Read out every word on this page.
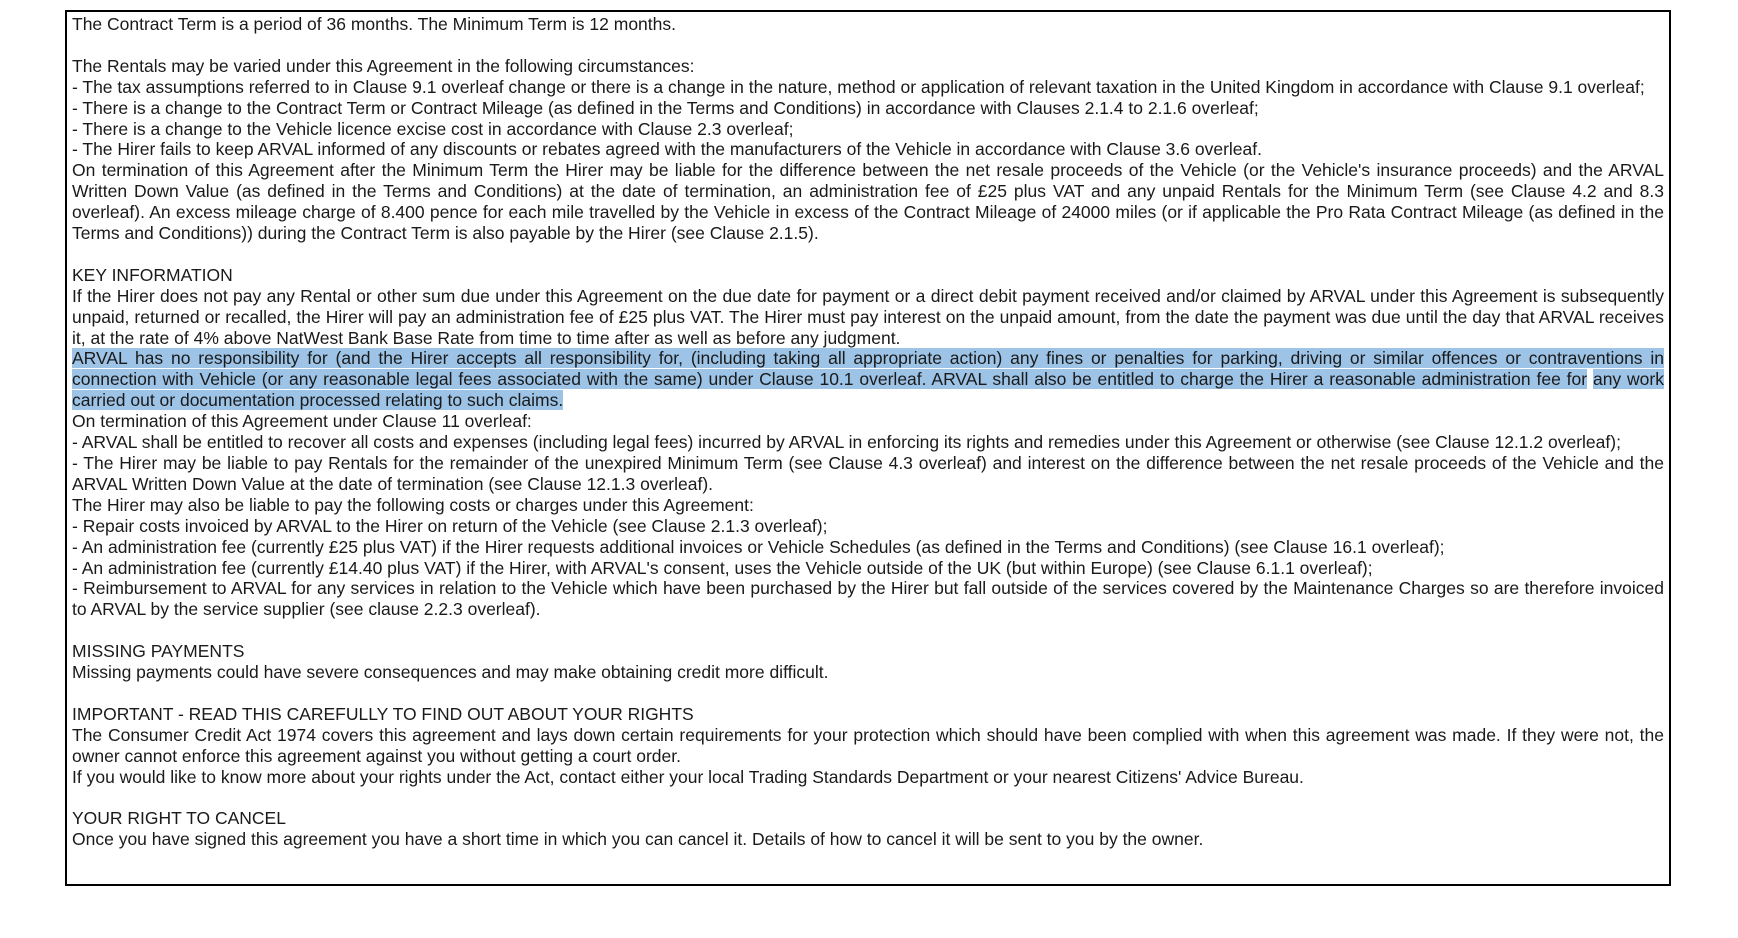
The Contract Term is a period of 36 months. The Minimum Term is 12 months.
The Rentals may be varied under this Agreement in the following circumstances:
- The tax assumptions referred to in Clause 9.1 overleaf change or there is a change in the nature, method or application of relevant taxation in the United Kingdom in accordance with Clause 9.1 overleaf;
- There is a change to the Contract Term or Contract Mileage (as defined in the Terms and Conditions) in accordance with Clauses 2.1.4 to 2.1.6 overleaf;
- There is a change to the Vehicle licence excise cost in accordance with Clause 2.3 overleaf;
- The Hirer fails to keep ARVAL informed of any discounts or rebates agreed with the manufacturers of the Vehicle in accordance with Clause 3.6 overleaf.
On termination of this Agreement after the Minimum Term the Hirer may be liable for the difference between the net resale proceeds of the Vehicle (or the Vehicle's insurance proceeds) and the ARVAL Written Down Value (as defined in the Terms and Conditions) at the date of termination, an administration fee of £25 plus VAT and any unpaid Rentals for the Minimum Term (see Clause 4.2 and 8.3 overleaf). An excess mileage charge of 8.400 pence for each mile travelled by the Vehicle in excess of the Contract Mileage of 24000 miles (or if applicable the Pro Rata Contract Mileage (as defined in the Terms and Conditions)) during the Contract Term is also payable by the Hirer (see Clause 2.1.5).
KEY INFORMATION
If the Hirer does not pay any Rental or other sum due under this Agreement on the due date for payment or a direct debit payment received and/or claimed by ARVAL under this Agreement is subsequently unpaid, returned or recalled, the Hirer will pay an administration fee of £25 plus VAT. The Hirer must pay interest on the unpaid amount, from the date the payment was due until the day that ARVAL receives it, at the rate of 4% above NatWest Bank Base Rate from time to time after as well as before any judgment.
ARVAL has no responsibility for (and the Hirer accepts all responsibility for, (including taking all appropriate action) any fines or penalties for parking, driving or similar offences or contraventions in connection with Vehicle (or any reasonable legal fees associated with the same) under Clause 10.1 overleaf. ARVAL shall also be entitled to charge the Hirer a reasonable administration fee for any work carried out or documentation processed relating to such claims.
On termination of this Agreement under Clause 11 overleaf:
- ARVAL shall be entitled to recover all costs and expenses (including legal fees) incurred by ARVAL in enforcing its rights and remedies under this Agreement or otherwise (see Clause 12.1.2 overleaf);
- The Hirer may be liable to pay Rentals for the remainder of the unexpired Minimum Term (see Clause 4.3 overleaf) and interest on the difference between the net resale proceeds of the Vehicle and the ARVAL Written Down Value at the date of termination (see Clause 12.1.3 overleaf).
The Hirer may also be liable to pay the following costs or charges under this Agreement:
- Repair costs invoiced by ARVAL to the Hirer on return of the Vehicle (see Clause 2.1.3 overleaf);
- An administration fee (currently £25 plus VAT) if the Hirer requests additional invoices or Vehicle Schedules (as defined in the Terms and Conditions) (see Clause 16.1 overleaf);
- An administration fee (currently £14.40 plus VAT) if the Hirer, with ARVAL's consent, uses the Vehicle outside of the UK (but within Europe) (see Clause 6.1.1 overleaf);
- Reimbursement to ARVAL for any services in relation to the Vehicle which have been purchased by the Hirer but fall outside of the services covered by the Maintenance Charges so are therefore invoiced to ARVAL by the service supplier (see clause 2.2.3 overleaf).
MISSING PAYMENTS
Missing payments could have severe consequences and may make obtaining credit more difficult.
IMPORTANT - READ THIS CAREFULLY TO FIND OUT ABOUT YOUR RIGHTS
The Consumer Credit Act 1974 covers this agreement and lays down certain requirements for your protection which should have been complied with when this agreement was made. If they were not, the owner cannot enforce this agreement against you without getting a court order.
If you would like to know more about your rights under the Act, contact either your local Trading Standards Department or your nearest Citizens' Advice Bureau.
YOUR RIGHT TO CANCEL
Once you have signed this agreement you have a short time in which you can cancel it. Details of how to cancel it will be sent to you by the owner.
